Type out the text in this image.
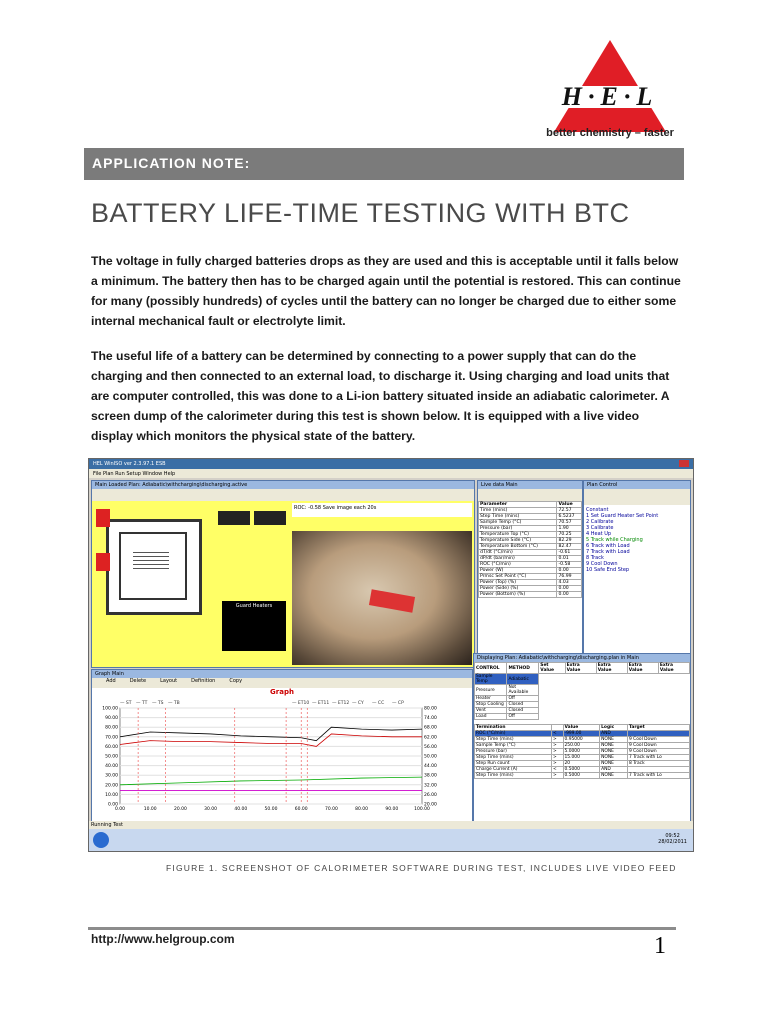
H·E·L
better chemistry – faster
APPLICATION NOTE:
BATTERY LIFE-TIME TESTING WITH BTC
The voltage in fully charged batteries drops as they are used and this is acceptable until it falls below a minimum. The battery then has to be charged again until the potential is restored. This can continue for many (possibly hundreds) of cycles until the battery can no longer be charged due to either some internal mechanical fault or electrolyte limit.
The useful life of a battery can be determined by connecting to a power supply that can do the charging and then connected to an external load, to discharge it. Using charging and load units that are computer controlled, this was done to a Li-ion battery situated inside an adiabatic calorimeter. A screen dump of the calorimeter during this test is shown below. It is equipped with a live video display which monitors the physical state of the battery.
HEL WinISO ver 2.3.97.1 ESB
File Plan Run Setup Window Help
Main Loaded Plan: Adiabatic\withcharging\discharging.active
Guard Heaters
ROC: -0.58 Save image each 20s
Live data Main
Parameter	Value
Time (mins)	72.57
Step Time (mins)	6.5237
Sample Temp (°C)	70.57
Pressure (bar)	1.90
Temperature Top (°C)	70.25
Temperature Side (°C)	82.29
Temperature Bottom (°C)	82.47
dT/dt (°C/min)	-0.61
dP/dt (bar/min)	0.01
ROC (°C/min)	-0.58
Power (W)	0.00
Prmsc Set Point (°C)	76.99
Power (Top) (%)	4.03
Power (Side) (%)	0.00
Power (Bottom) (%)	0.00
Plan Control
Constant
1 Set Guard Heater Set Point
2 Calibrate
3 Calibrate
4 Heat Up
5 Track while Charging
6 Track with Load
7 Track with Load
8 Track
9 Cool Down
10 Safe End Step
Graph Main
Add	Delete	Layout	Definition	Copy
Graph
100.00
90.00
80.00
70.00
60.00
50.00
40.00
30.00
20.00
10.00
0.00
80.00
74.00
68.00
62.00
56.00
50.00
44.00
38.00
32.00
26.00
20.00
0.00	10.00	20.00	30.00	40.00	50.00	60.00	70.00	80.00	90.00	100.00
— ST — TT — TS — TB	— ET10 — ET11 — ET12 — CY — CC — CP
Displaying Plan: Adiabatic\withcharging\discharging.plan in Main
CONTROL	METHOD	Set Value	Extra Value	Extra Value	Extra Value	Extra Value
Sample Temp	Adiabatic					
Pressure	Not Available					
Heater	Off					
Stop Cooling	Closed					
Vent	Closed					
Load	Off					
Termination		Value	Logic	Target
ROC (°C/min)	<	-999.00	AND	
Step Time (mins)	>	0.95000	NONE	9 Cool Down
Sample Temp (°C)	>	250.00	NONE	9 Cool Down
Pressure (bar)	>	5.0000	NONE	9 Cool Down
Step Time (mins)	>	15.000	NONE	7 Track with Lo
Step Run count	>	20	NONE	8 Track
Charge Current (A)	<	0.5000	AND	
Step Time (mins)	>	0.5000	NONE	7 Track with Lo
Running Test
09:52
28/02/2011
FIGURE 1. SCREENSHOT OF CALORIMETER SOFTWARE DURING TEST, INCLUDES LIVE VIDEO FEED
http://www.helgroup.com	1
